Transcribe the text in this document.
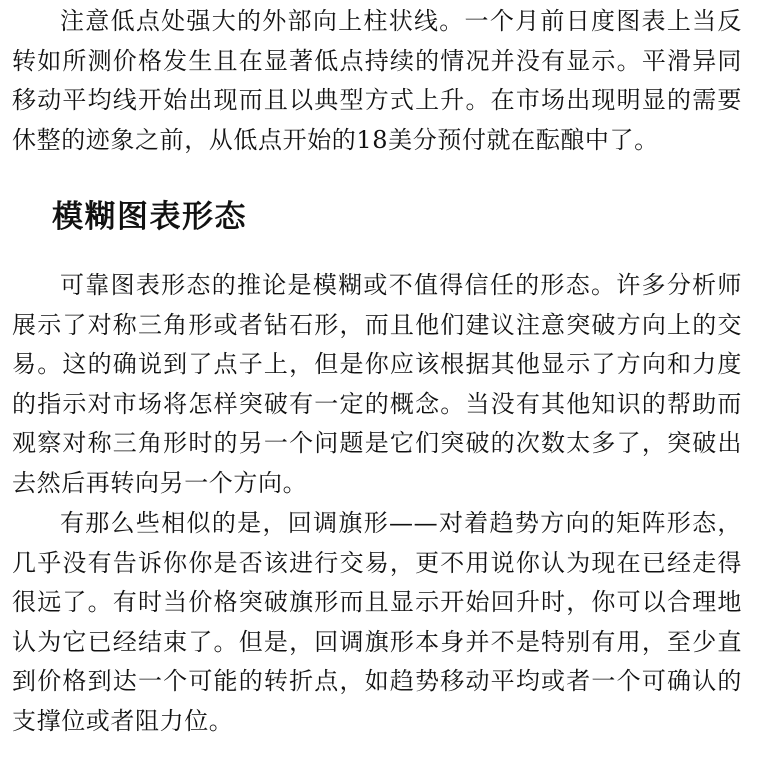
注意低点处强大的外部向上柱状线。一个月前日度图表上当反转如所测价格发生且在显著低点持续的情况并没有显示。平滑异同移动平均线开始出现而且以典型方式上升。在市场出现明显的需要休整的迹象之前，从低点开始的18美分预付就在酝酿中了。

模糊图表形态

可靠图表形态的推论是模糊或不值得信任的形态。许多分析师展示了对称三角形或者钻石形，而且他们建议注意突破方向上的交易。这的确说到了点子上，但是你应该根据其他显示了方向和力度的指示对市场将怎样突破有一定的概念。当没有其他知识的帮助而观察对称三角形时的另一个问题是它们突破的次数太多了，突破出去然后再转向另一个方向。

有那么些相似的是，回调旗形——对着趋势方向的矩阵形态，几乎没有告诉你你是否该进行交易，更不用说你认为现在已经走得很远了。有时当价格突破旗形而且显示开始回升时，你可以合理地认为它已经结束了。但是，回调旗形本身并不是特别有用，至少直到价格到达一个可能的转折点，如趋势移动平均或者一个可确认的支撑位或者阻力位。
